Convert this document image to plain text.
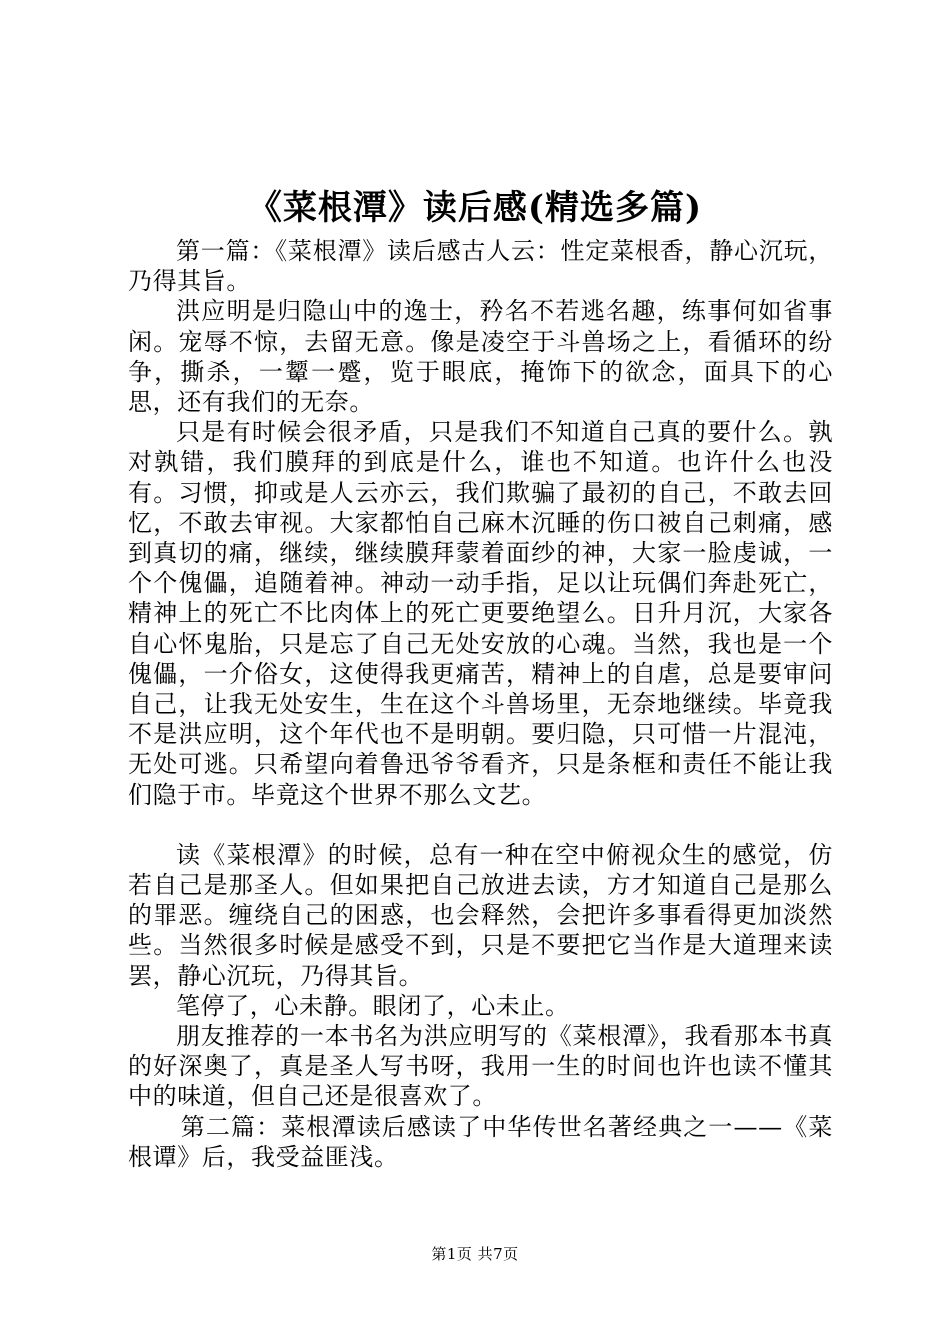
《菜根潭》读后感(精选多篇)

第一篇：《菜根潭》读后感古人云：性定菜根香，静心沉玩，乃得其旨。

洪应明是归隐山中的逸士，矜名不若逃名趣，练事何如省事闲。宠辱不惊，去留无意。像是凌空于斗兽场之上，看循环的纷争，撕杀，一颦一蹙，览于眼底，掩饰下的欲念，面具下的心思，还有我们的无奈。

只是有时候会很矛盾，只是我们不知道自己真的要什么。孰对孰错，我们膜拜的到底是什么，谁也不知道。也许什么也没有。习惯，抑或是人云亦云，我们欺骗了最初的自己，不敢去回忆，不敢去审视。大家都怕自己麻木沉睡的伤口被自己刺痛，感到真切的痛，继续，继续膜拜蒙着面纱的神，大家一脸虔诚，一个个傀儡，追随着神。神动一动手指，足以让玩偶们奔赴死亡，精神上的死亡不比肉体上的死亡更要绝望么。日升月沉，大家各自心怀鬼胎，只是忘了自己无处安放的心魂。当然，我也是一个傀儡，一介俗女，这使得我更痛苦，精神上的自虐，总是要审问自己，让我无处安生，生在这个斗兽场里，无奈地继续。毕竟我不是洪应明，这个年代也不是明朝。要归隐，只可惜一片混沌，无处可逃。只希望向着鲁迅爷爷看齐，只是条框和责任不能让我们隐于市。毕竟这个世界不那么文艺。

读《菜根潭》的时候，总有一种在空中俯视众生的感觉，仿若自己是那圣人。但如果把自己放进去读，方才知道自己是那么的罪恶。缠绕自己的困惑，也会释然，会把许多事看得更加淡然些。当然很多时候是感受不到，只是不要把它当作是大道理来读罢，静心沉玩，乃得其旨。

笔停了，心未静。眼闭了，心未止。

朋友推荐的一本书名为洪应明写的《菜根潭》，我看那本书真的好深奥了，真是圣人写书呀，我用一生的时间也许也读不懂其中的味道，但自己还是很喜欢了。

第二篇：菜根潭读后感读了中华传世名著经典之一——《菜根谭》后，我受益匪浅。

第1页 共7页
